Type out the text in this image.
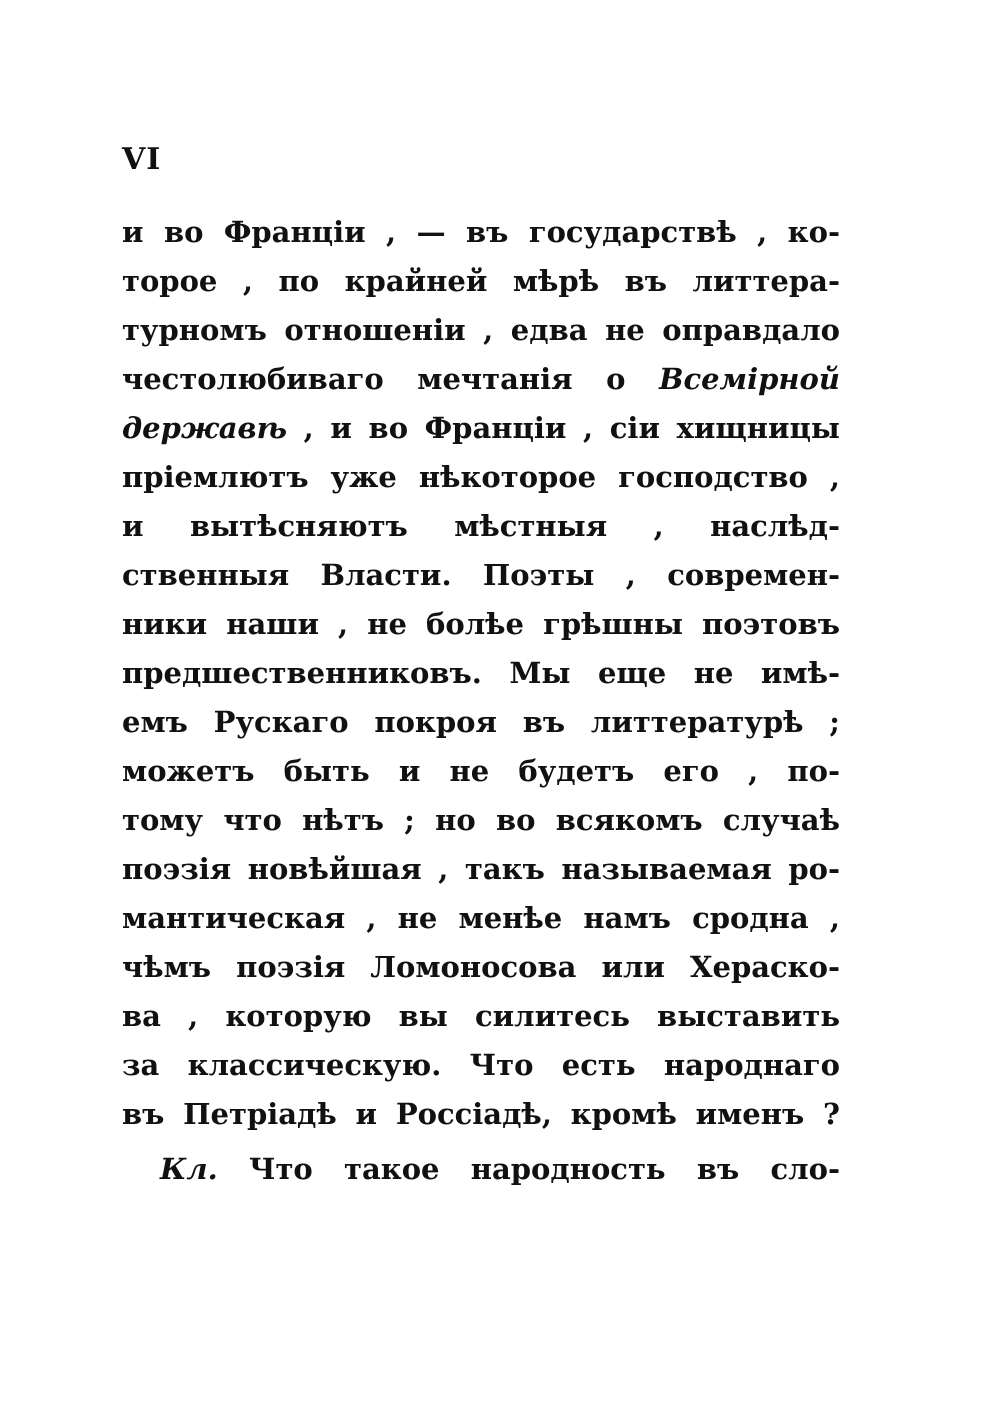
VI
и во Франціи , — въ государствѣ , ко-
торое , по крайней мѣрѣ въ литтера-
турномъ отношеніи , едва не оправдало
честолюбиваго мечтанія о Всемірной
державѣ , и во Франціи , сіи хищницы
пріемлютъ уже нѣкоторое господство ,
и вытѣсняютъ мѣстныя , наслѣд-
ственныя Власти. Поэты , современ-
ники наши , не болѣе грѣшны поэтовъ
предшественниковъ. Мы еще не имѣ-
емъ Рускаго покроя въ литтературѣ ;
можетъ быть и не будетъ его , по-
тому что нѣтъ ; но во всякомъ случаѣ
поэзія новѣйшая , такъ называемая ро-
мантическая , не менѣе намъ сродна ,
чѣмъ поэзія Ломоносова или Хераско-
ва , которую вы силитесь выставить
за классическую. Что есть народнаго
въ Петріадѣ и Россіадѣ, кромѣ именъ ?
Кл. Что такое народность въ сло-
